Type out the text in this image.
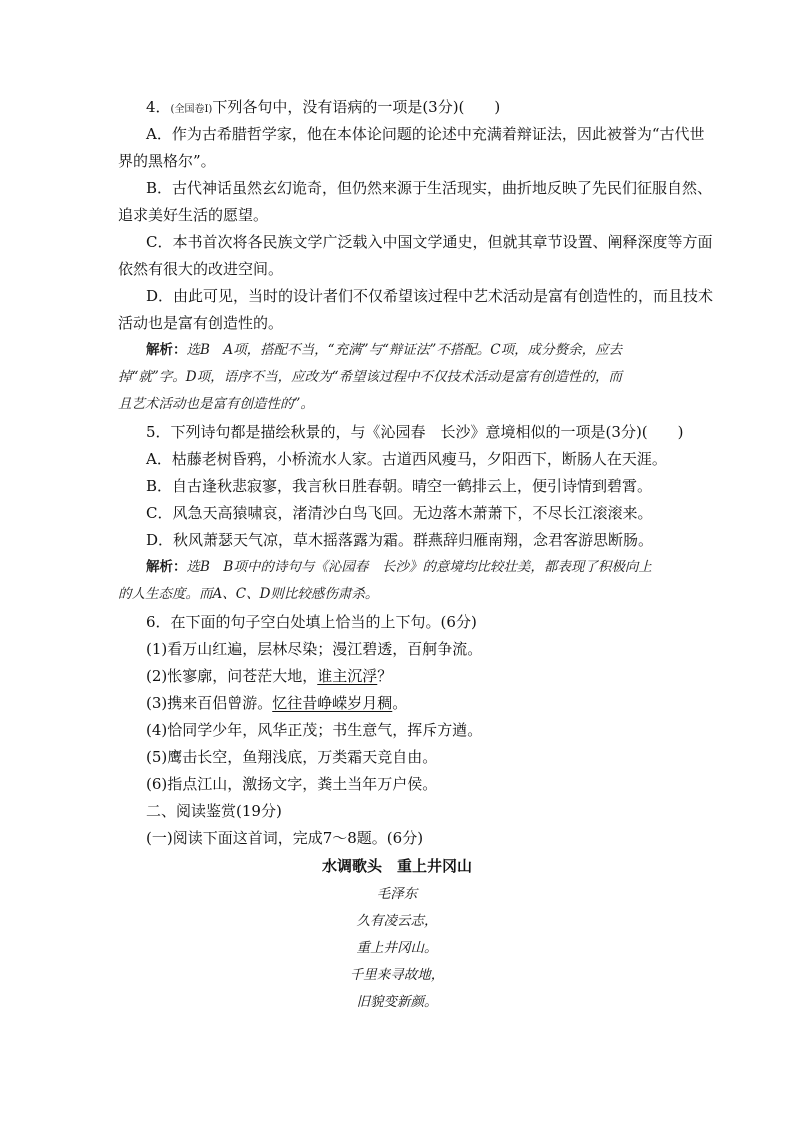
4．(全国卷Ⅰ)下列各句中，没有语病的一项是(3分)(　　)
A．作为古希腊哲学家，他在本体论问题的论述中充满着辩证法，因此被誉为“古代世
界的黑格尔”。
B．古代神话虽然玄幻诡奇，但仍然来源于生活现实，曲折地反映了先民们征服自然、
追求美好生活的愿望。
C．本书首次将各民族文学广泛载入中国文学通史，但就其章节设置、阐释深度等方面
依然有很大的改进空间。
D．由此可见，当时的设计者们不仅希望该过程中艺术活动是富有创造性的，而且技术
活动也是富有创造性的。
解析：选B　A项，搭配不当，“充满”与“辩证法”不搭配。C项，成分赘余，应去
掉“就”字。D项，语序不当，应改为“希望该过程中不仅技术活动是富有创造性的，而
且艺术活动也是富有创造性的”。
5．下列诗句都是描绘秋景的，与《沁园春　长沙》意境相似的一项是(3分)(　　)
A．枯藤老树昏鸦，小桥流水人家。古道西风瘦马，夕阳西下，断肠人在天涯。
B．自古逢秋悲寂寥，我言秋日胜春朝。晴空一鹤排云上，便引诗情到碧霄。
C．风急天高猿啸哀，渚清沙白鸟飞回。无边落木萧萧下，不尽长江滚滚来。
D．秋风萧瑟天气凉，草木摇落露为霜。群燕辞归雁南翔，念君客游思断肠。
解析：选B　B项中的诗句与《沁园春　长沙》的意境均比较壮美，都表现了积极向上
的人生态度。而A、C、D则比较感伤肃杀。
6．在下面的句子空白处填上恰当的上下句。(6分)
(1)看万山红遍，层林尽染；漫江碧透，百舸争流。
(2)怅寥廓，问苍茫大地，谁主沉浮？
(3)携来百侣曾游。忆往昔峥嵘岁月稠。
(4)恰同学少年，风华正茂；书生意气，挥斥方遒。
(5)鹰击长空，鱼翔浅底，万类霜天竞自由。
(6)指点江山，激扬文字，粪土当年万户侯。
二、阅读鉴赏(19分)
(一)阅读下面这首词，完成7～8题。(6分)
水调歌头　重上井冈山
毛泽东
久有凌云志，
重上井冈山。
千里来寻故地，
旧貌变新颜。
